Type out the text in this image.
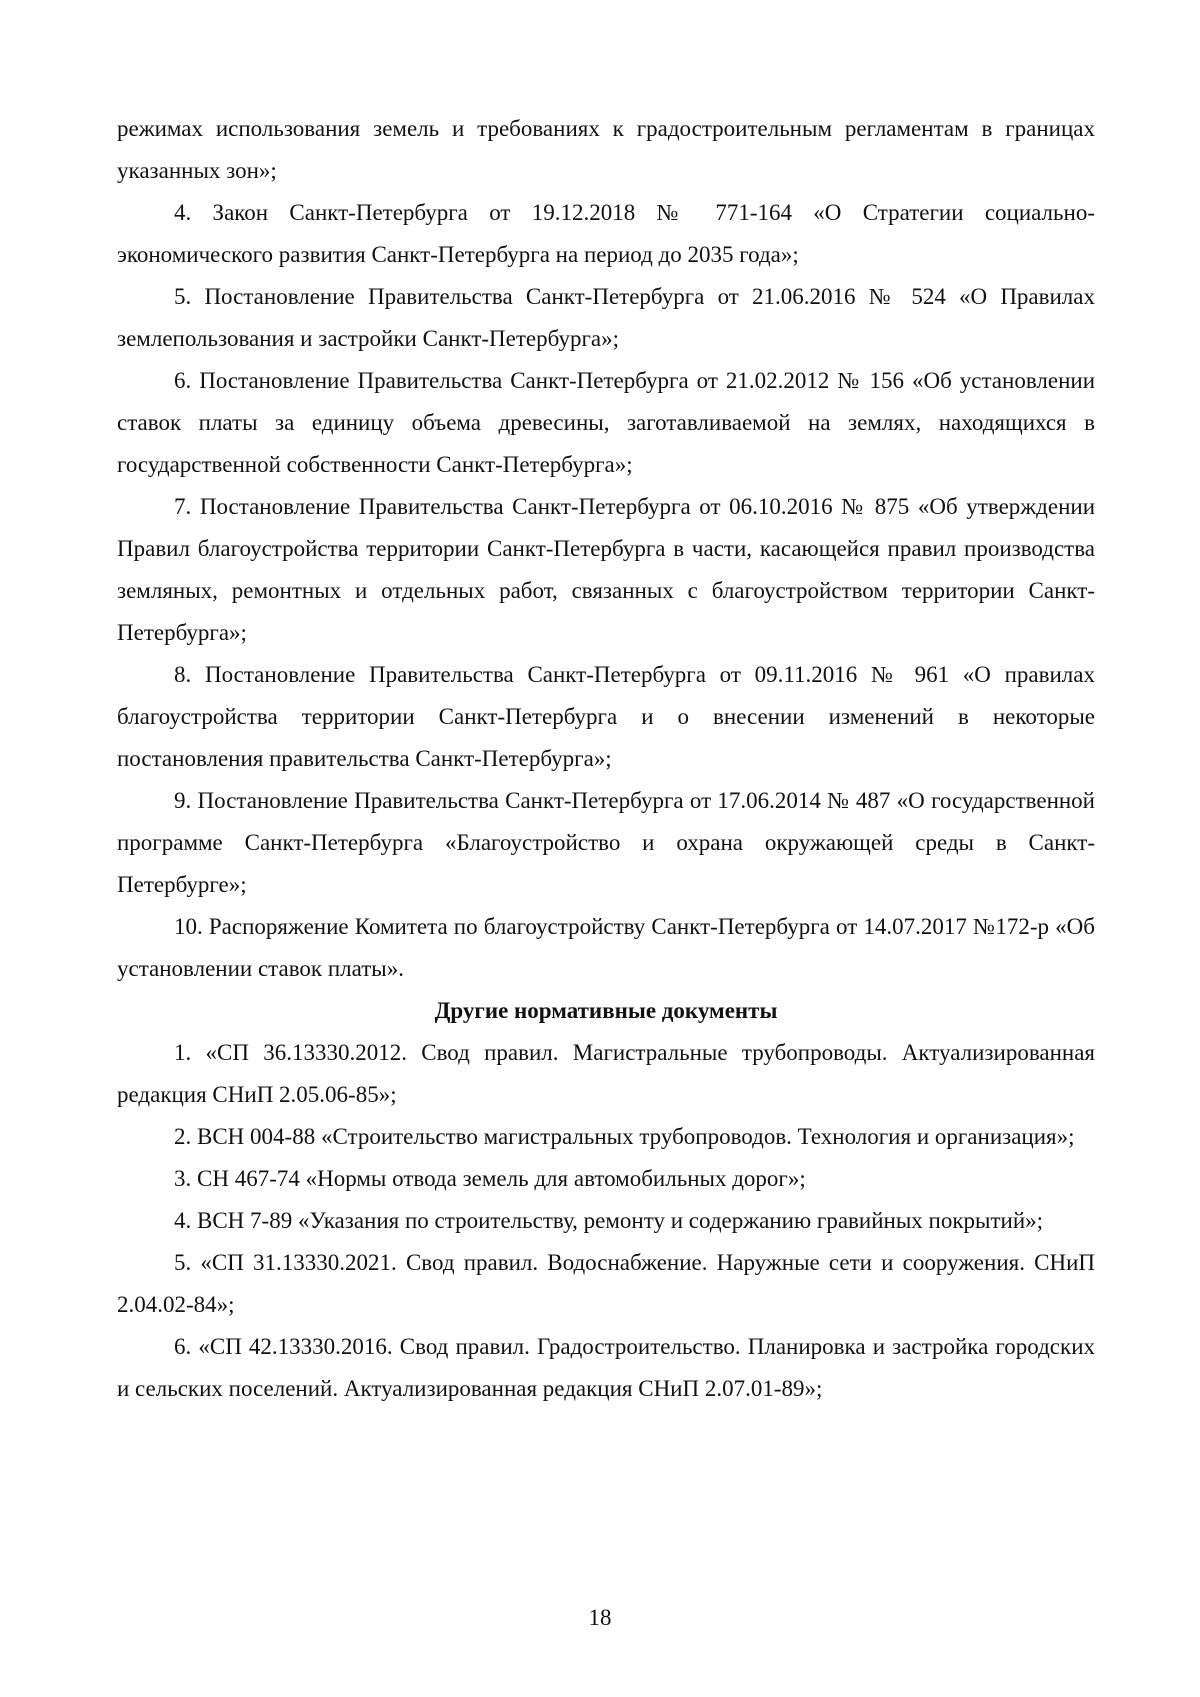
режимах использования земель и требованиях к градостроительным регламентам в границах указанных зон»;

4. Закон Санкт-Петербурга от 19.12.2018 № 771-164 «О Стратегии социально-экономического развития Санкт-Петербурга на период до 2035 года»;

5. Постановление Правительства Санкт-Петербурга от 21.06.2016 № 524 «О Правилах землепользования и застройки Санкт-Петербурга»;

6. Постановление Правительства Санкт-Петербурга от 21.02.2012 № 156 «Об установлении ставок платы за единицу объема древесины, заготавливаемой на землях, находящихся в государственной собственности Санкт-Петербурга»;

7. Постановление Правительства Санкт-Петербурга от 06.10.2016 № 875 «Об утверждении Правил благоустройства территории Санкт-Петербурга в части, касающейся правил производства земляных, ремонтных и отдельных работ, связанных с благоустройством территории Санкт-Петербурга»;

8. Постановление Правительства Санкт-Петербурга от 09.11.2016 № 961 «О правилах благоустройства территории Санкт-Петербурга и о внесении изменений в некоторые постановления правительства Санкт-Петербурга»;

9. Постановление Правительства Санкт-Петербурга от 17.06.2014 № 487 «О государственной программе Санкт-Петербурга «Благоустройство и охрана окружающей среды в Санкт-Петербурге»;

10. Распоряжение Комитета по благоустройству Санкт-Петербурга от 14.07.2017 №172-р «Об установлении ставок платы».

Другие нормативные документы

1. «СП 36.13330.2012. Свод правил. Магистральные трубопроводы. Актуализированная редакция СНиП 2.05.06-85»;

2. ВСН 004-88 «Строительство магистральных трубопроводов. Технология и организация»;

3. СН 467-74 «Нормы отвода земель для автомобильных дорог»;

4. ВСН 7-89 «Указания по строительству, ремонту и содержанию гравийных покрытий»;

5. «СП 31.13330.2021. Свод правил. Водоснабжение. Наружные сети и сооружения. СНиП 2.04.02-84»;

6. «СП 42.13330.2016. Свод правил. Градостроительство. Планировка и застройка городских и сельских поселений. Актуализированная редакция СНиП 2.07.01-89»;

18
